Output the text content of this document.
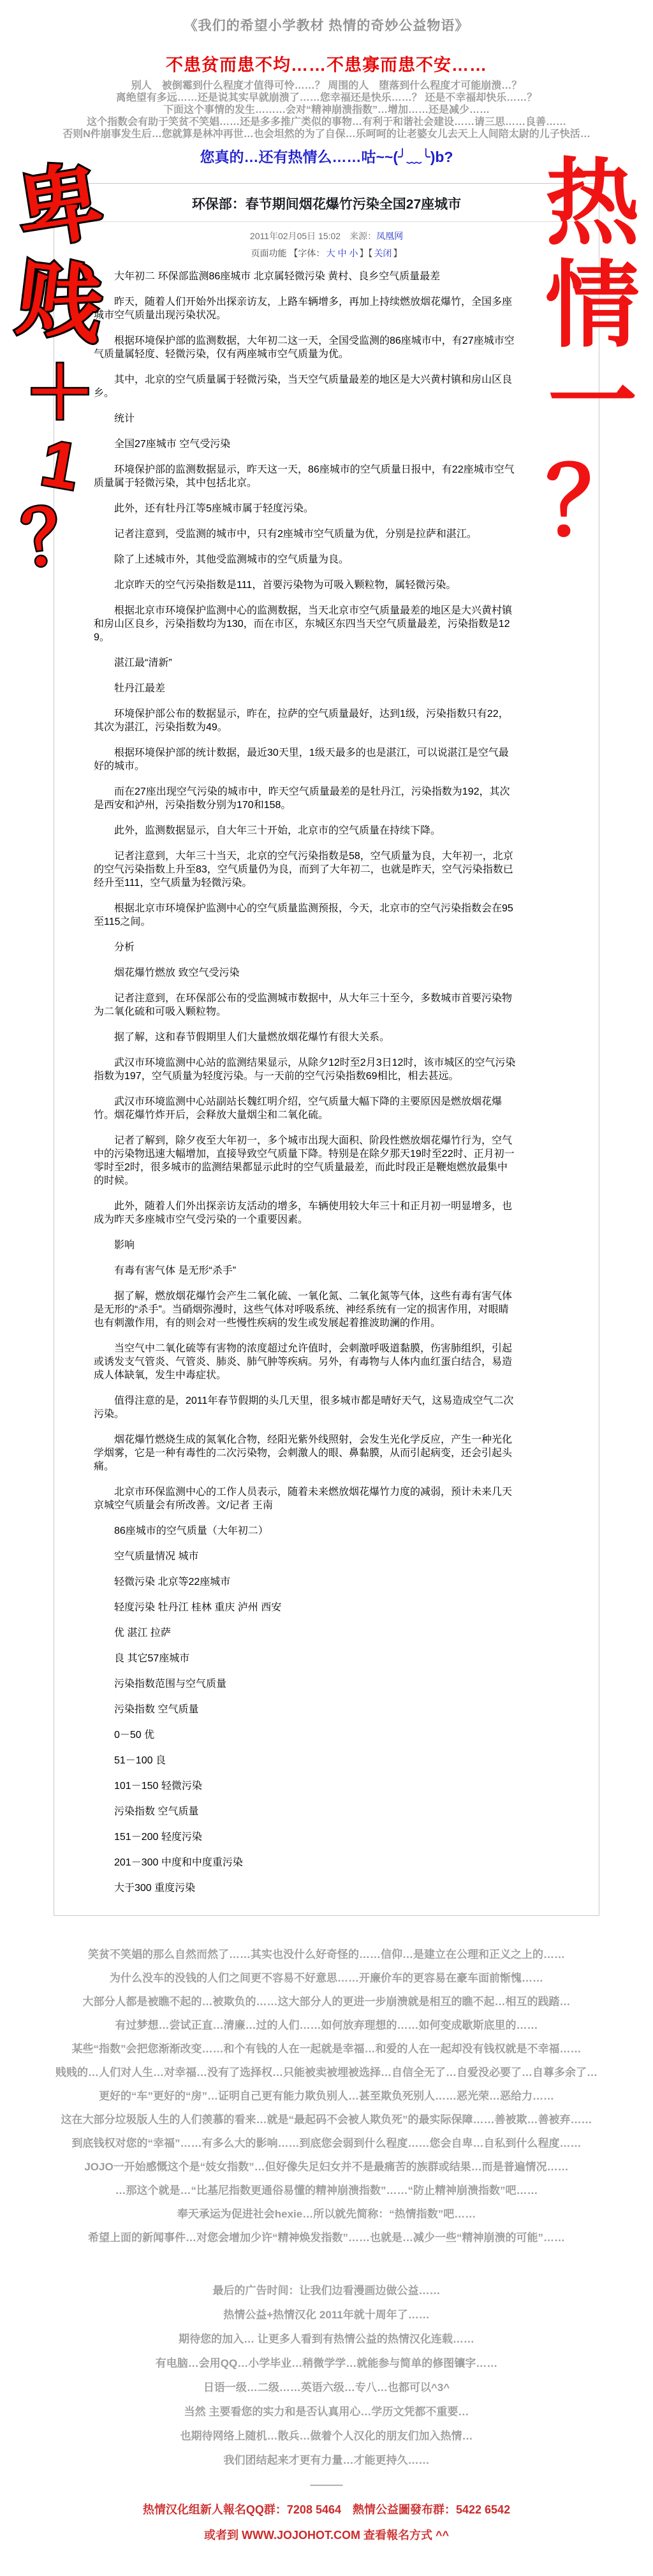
《我们的希望小学教材 热情的奇妙公益物语》
不患贫而患不均……不患寡而患不安……
别人　被倒霉到什么程度才值得可怜……？ 周围的人　堕落到什么程度才可能崩溃…？
离绝望有多远……还是说其实早就崩溃了……您幸福还是快乐……？ 还是不幸福却快乐……？
下面这个事情的发生………会对“精神崩溃指数”…增加……还是减少……
这个指数会有助于笑贫不笑娼……还是多多推广类似的事物…有利于和谐社会建设……请三思……良善……
否则N件崩事发生后…您就算是林冲再世…也会坦然的为了自保…乐呵呵的让老婆女儿去天上人间陪太尉的儿子快活…
您真的…还有热情么……咕~~(╯﹏╰)b?
卑
贱
＋
1
？
热
情
一
？
环保部：春节期间烟花爆竹污染全国27座城市
2011年02月05日 15:02　来源：凤凰网
页面功能 【字体： 大 中 小 】【 关闭 】

大年初二 环保部监测86座城市 北京属轻微污染 黄村、良乡空气质量最差

昨天，随着人们开始外出探亲访友，上路车辆增多，再加上持续燃放烟花爆竹，全国多座城市空气质量出现污染状况。

根据环境保护部的监测数据，大年初二这一天，全国受监测的86座城市中，有27座城市空气质量属轻度、轻微污染，仅有两座城市空气质量为优。

其中，北京的空气质量属于轻微污染，当天空气质量最差的地区是大兴黄村镇和房山区良乡。

统计

全国27座城市 空气受污染

环境保护部的监测数据显示，昨天这一天，86座城市的空气质量日报中，有22座城市空气质量属于轻微污染，其中包括北京。

此外，还有牡丹江等5座城市属于轻度污染。

记者注意到，受监测的城市中，只有2座城市空气质量为优，分别是拉萨和湛江。

除了上述城市外，其他受监测城市的空气质量为良。

北京昨天的空气污染指数是111，首要污染物为可吸入颗粒物，属轻微污染。

根据北京市环境保护监测中心的监测数据，当天北京市空气质量最差的地区是大兴黄村镇和房山区良乡，污染指数均为130，而在市区，东城区东四当天空气质量最差，污染指数是129。

湛江最“清新”

牡丹江最差

环境保护部公布的数据显示，昨在，拉萨的空气质量最好，达到1级，污染指数只有22，其次为湛江，污染指数为49。

根据环境保护部的统计数据，最近30天里，1级天最多的也是湛江，可以说湛江是空气最好的城市。

而在27座出现空气污染的城市中，昨天空气质量最差的是牡丹江，污染指数为192，其次是西安和泸州，污染指数分别为170和158。

此外，监测数据显示，自大年三十开始，北京市的空气质量在持续下降。

记者注意到，大年三十当天，北京的空气污染指数是58，空气质量为良，大年初一，北京的空气污染指数上升至83，空气质量仍为良，而到了大年初二，也就是昨天，空气污染指数已经升至111，空气质量为轻微污染。

根据北京市环境保护监测中心的空气质量监测预报，今天，北京市的空气污染指数会在95至115之间。

分析

烟花爆竹燃放 致空气受污染

记者注意到，在环保部公布的受监测城市数据中，从大年三十至今，多数城市首要污染物为二氧化硫和可吸入颗粒物。

据了解，这和春节假期里人们大量燃放烟花爆竹有很大关系。

武汉市环境监测中心站的监测结果显示，从除夕12时至2月3日12时，该市城区的空气污染指数为197，空气质量为轻度污染。与一天前的空气污染指数69相比，相去甚远。

武汉市环境监测中心站副站长魏红明介绍，空气质量大幅下降的主要原因是燃放烟花爆竹。烟花爆竹炸开后，会释放大量烟尘和二氧化硫。

记者了解到，除夕夜至大年初一，多个城市出现大面积、阶段性燃放烟花爆竹行为，空气中的污染物迅速大幅增加，直接导致空气质量下降。特别是在除夕那天19时至22时、正月初一零时至2时，很多城市的监测结果都显示此时的空气质量最差，而此时段正是鞭炮燃放最集中的时候。

此外，随着人们外出探亲访友活动的增多，车辆使用较大年三十和正月初一明显增多，也成为昨天多座城市空气受污染的一个重要因素。

影响

有毒有害气体 是无形“杀手”

据了解，燃放烟花爆竹会产生二氧化硫、一氧化氮、二氧化氮等气体，这些有毒有害气体是无形的“杀手”。当硝烟弥漫时，这些气体对呼吸系统、神经系统有一定的损害作用，对眼睛也有刺激作用，有的则会对一些慢性疾病的发生或发展起着推波助澜的作用。

当空气中二氧化硫等有害物的浓度超过允许值时，会刺激呼吸道黏膜，伤害肺组织，引起或诱发支气管炎、气管炎、肺炎、肺气肿等疾病。另外，有毒物与人体内血红蛋白结合，易造成人体缺氧，发生中毒症状。

值得注意的是，2011年春节假期的头几天里，很多城市都是晴好天气，这易造成空气二次污染。

烟花爆竹燃烧生成的氮氧化合物，经阳光紫外线照射，会发生光化学反应，产生一种光化学烟雾，它是一种有毒性的二次污染物，会刺激人的眼、鼻黏膜，从而引起病变，还会引起头痛。

北京市环保监测中心的工作人员表示，随着未来燃放烟花爆竹力度的减弱，预计未来几天京城空气质量会有所改善。文/记者 王南

86座城市的空气质量（大年初二）

空气质量情况 城市

轻微污染 北京等22座城市

轻度污染 牡丹江 桂林 重庆 泸州 西安

优 湛江 拉萨

良 其它57座城市

污染指数范围与空气质量

污染指数 空气质量

0－50 优

51－100 良

101－150 轻微污染

污染指数 空气质量

151－200 轻度污染

201－300 中度和中度重污染

大于300 重度污染

笑贫不笑娼的那么自然而然了……其实也没什么好奇怪的……信仰…是建立在公理和正义之上的……
为什么没车的没钱的人们之间更不容易不好意思……开廉价车的更容易在豪车面前惭愧……
大部分人都是被瞧不起的…被欺负的……这大部分人的更进一步崩溃就是相互的瞧不起…相互的践踏…
有过梦想…尝试正直…清廉…过的人们……如何放弃理想的……如何变成歇斯底里的……
某些“指数”会把您渐渐改变……和个有钱的人在一起就是幸福…和爱的人在一起却没有钱权就是不幸福……
贱贱的…人们对人生…对幸福…没有了选择权…只能被卖被埋被选择…自信全无了…自爱没必要了…自尊多余了…
更好的“车”更好的“房”…证明自己更有能力欺负别人…甚至欺负死别人……恶光荣…恶给力……
这在大部分垃圾版人生的人们羡慕的看来…就是“最起码不会被人欺负死”的最实际保障……善被欺…善被弃……
到底钱权对您的“幸福”……有多么大的影响……到底您会弱到什么程度……您会自卑…自私到什么程度……
JOJO一开始感慨这个是“妓女指数”…但好像失足妇女并不是最痛苦的族群或结果…而是普遍情况……
…那这个就是…“比基尼指数更通俗易懂的精神崩溃指数”……“防止精神崩溃指数”吧……
奉天承运为促进社会hexie…所以就先简称：“热情指数”吧……
希望上面的新闻事件…对您会增加少许“精神焕发指数”……也就是…减少一些“精神崩溃的可能”……
最后的广告时间：让我们边看漫画边做公益……
热情公益+热情汉化 2011年就十周年了……
期待您的加入… 让更多人看到有热情公益的热情汉化连载……
有电脑…会用QQ…小学毕业…稍微学学…就能参与简单的修图镶字……
日语一级…二级……英语六级…专八…也都可以^3^
当然 主要看您的实力和是否认真用心…学历文凭都不重要…
也期待网络上随机…散兵…做着个人汉化的朋友们加入热情…
我们团结起来才更有力量…才能更持久……
———
热情汉化组新人報名QQ群：7208 5464　熱情公益圖發布群：5422 6542
或者到 WWW.JOJOHOT.COM 查看報名方式 ^^
